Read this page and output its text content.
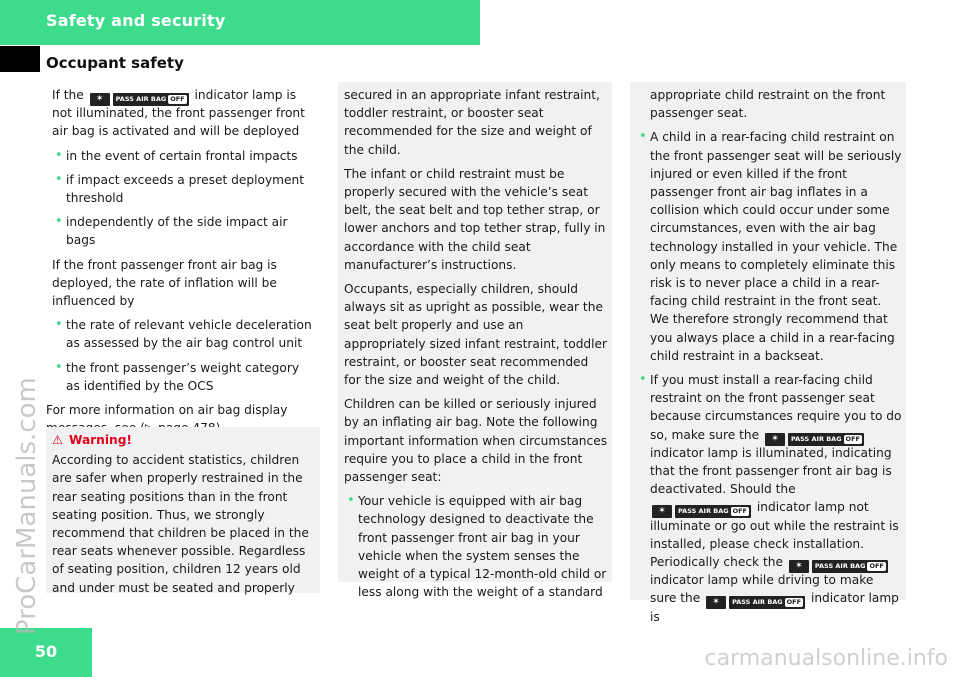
Safety and security
Occupant safety

If the ✶ PASS AIR BAG OFF indicator lamp is not illuminated, the front passenger front air bag is activated and will be deployed

• in the event of certain frontal impacts
• if impact exceeds a preset deployment threshold
• independently of the side impact air bags

If the front passenger front air bag is deployed, the rate of inflation will be influenced by

• the rate of relevant vehicle deceleration as assessed by the air bag control unit
• the front passenger’s weight category as identified by the OCS

For more information on air bag display

⚠ Warning!
According to accident statistics, children are safer when properly restrained in the rear seating positions than in the front seating position. Thus, we strongly recommend that children be placed in the rear seats whenever possible. Regardless of seating position, children 12 years old and under must be seated and properly

secured in an appropriate infant restraint, toddler restraint, or booster seat recommended for the size and weight of the child.

The infant or child restraint must be properly secured with the vehicle’s seat belt, the seat belt and top tether strap, or lower anchors and top tether strap, fully in accordance with the child seat manufacturer’s instructions.

Occupants, especially children, should always sit as upright as possible, wear the seat belt properly and use an appropriately sized infant restraint, toddler restraint, or booster seat recommended for the size and weight of the child.

Children can be killed or seriously injured by an inflating air bag. Note the following important information when circumstances require you to place a child in the front passenger seat:

• Your vehicle is equipped with air bag technology designed to deactivate the front passenger front air bag in your vehicle when the system senses the weight of a typical 12-month-old child or less along with the weight of a standard

appropriate child restraint on the front passenger seat.

• A child in a rear-facing child restraint on the front passenger seat will be seriously injured or even killed if the front passenger front air bag inflates in a collision which could occur under some circumstances, even with the air bag technology installed in your vehicle. The only means to completely eliminate this risk is to never place a child in a rear-facing child restraint in the front seat. We therefore strongly recommend that you always place a child in a rear-facing child restraint in a backseat.
• If you must install a rear-facing child restraint on the front passenger seat because circumstances require you to do so, make sure the ✶ PASS AIR BAG OFF indicator lamp is illuminated, indicating that the front passenger front air bag is deactivated. Should the ✶ PASS AIR BAG OFF indicator lamp not illuminate or go out while the restraint is installed, please check installation. Periodically check the ✶ PASS AIR BAG OFF indicator lamp while driving to make sure the ✶ PASS AIR BAG OFF indicator lamp is
50
ProCarManuals.com
carmanualsonline.info
